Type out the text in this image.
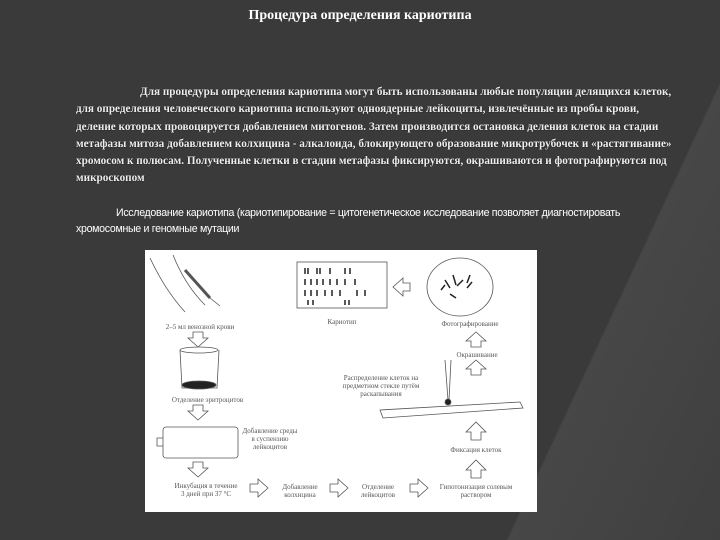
Процедура определения кариотипа
Для процедуры определения кариотипа могут быть использованы любые популяции делящихся клеток, для определения человеческого кариотипа используют одноядерные лейкоциты, извлечённые из пробы крови, деление которых провоцируется добавлением митогенов. Затем производится остановка деления клеток на стадии метафазы митоза добавлением колхицина - алкалоида, блокирующего образование микротрубочек и «растягивание» хромосом к полюсам. Полученные клетки в стадии метафазы фиксируются, окрашиваются и фотографируются под микроскопом
Исследование кариотипа (кариотипирование = цитогенетическое исследование позволяет диагностировать хромосомные и геномные мутации
2–5 мл венозной крови
Отделение эритроцитов
Добавление среды в суспензию лейкоцитов
Инкубация в течение 3 дней при 37 °С
Добавление колхицина
Отделение лейкоцитов
Гипотонизация солевым раствором
Фиксация клеток
Распределение клеток на предметном стекле путём раскапывания
Окрашивание
Фотографирование
Кариотип
